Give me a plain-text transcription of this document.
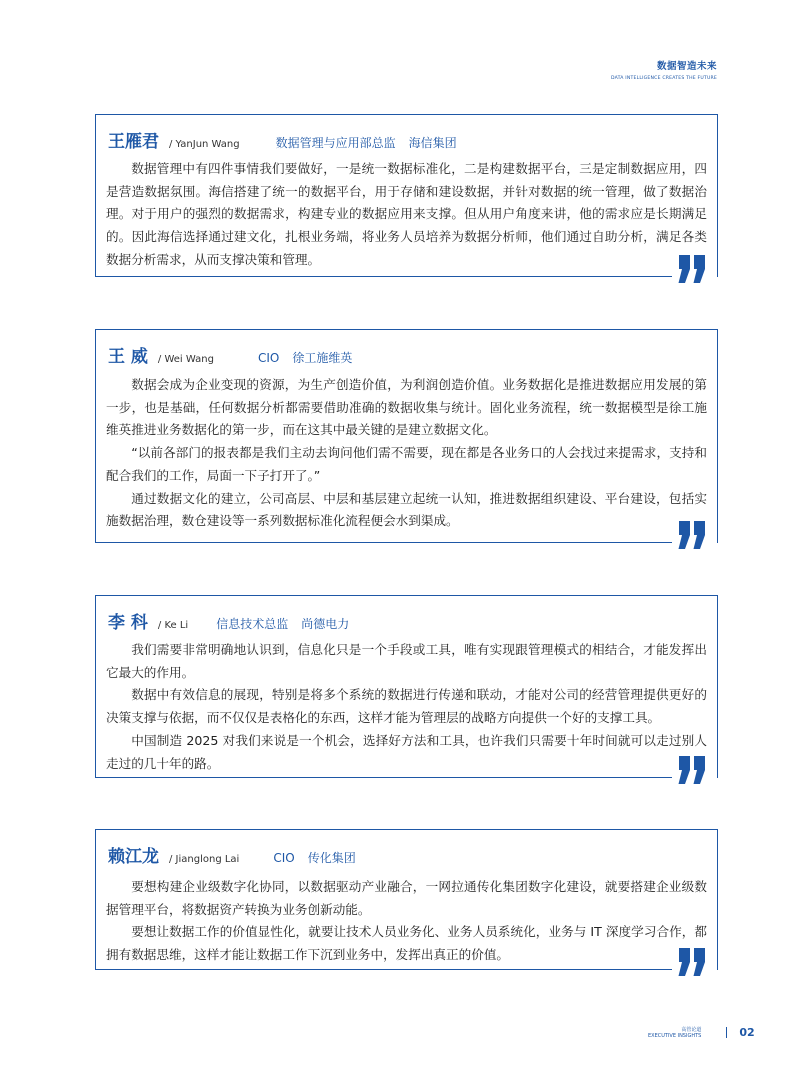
数据智造未来
DATA INTELLIGENCE CREATES THE FUTURE
王雁君 / YanJun Wang	数据管理与应用部总监 海信集团

数据管理中有四件事情我们要做好，一是统一数据标准化，二是构建数据平台，三是定制数据应用，四是营造数据氛围。海信搭建了统一的数据平台，用于存储和建设数据，并针对数据的统一管理，做了数据治理。对于用户的强烈的数据需求，构建专业的数据应用来支撑。但从用户角度来讲，他的需求应是长期满足的。因此海信选择通过建文化，扎根业务端，将业务人员培养为数据分析师，他们通过自助分析，满足各类数据分析需求，从而支撑决策和管理。

王 威 / Wei Wang	CIO 徐工施维英

数据会成为企业变现的资源，为生产创造价值，为利润创造价值。业务数据化是推进数据应用发展的第一步，也是基础，任何数据分析都需要借助准确的数据收集与统计。固化业务流程，统一数据模型是徐工施维英推进业务数据化的第一步，而在这其中最关键的是建立数据文化。

“以前各部门的报表都是我们主动去询问他们需不需要，现在都是各业务口的人会找过来提需求，支持和配合我们的工作，局面一下子打开了。”

通过数据文化的建立，公司高层、中层和基层建立起统一认知，推进数据组织建设、平台建设，包括实施数据治理，数仓建设等一系列数据标准化流程便会水到渠成。

李 科 / Ke Li 信息技术总监 尚德电力

我们需要非常明确地认识到，信息化只是一个手段或工具，唯有实现跟管理模式的相结合，才能发挥出它最大的作用。

数据中有效信息的展现，特别是将多个系统的数据进行传递和联动，才能对公司的经营管理提供更好的决策支撑与依据，而不仅仅是表格化的东西，这样才能为管理层的战略方向提供一个好的支撑工具。

中国制造 2025 对我们来说是一个机会，选择好方法和工具，也许我们只需要十年时间就可以走过别人走过的几十年的路。

赖江龙 / Jianglong Lai	CIO 传化集团

要想构建企业级数字化协同，以数据驱动产业融合，一网拉通传化集团数字化建设，就要搭建企业级数据管理平台，将数据资产转换为业务创新动能。

要想让数据工作的价值显性化，就要让技术人员业务化、业务人员系统化，业务与 IT 深度学习合作，都拥有数据思维，这样才能让数据工作下沉到业务中，发挥出真正的价值。

高管论道
EXECUTIVE INSIGHTS	02
